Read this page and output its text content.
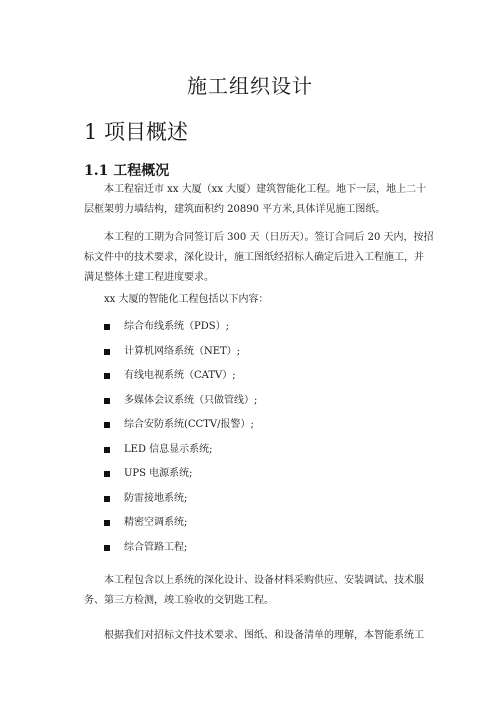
施工组织设计
1 项目概述
1.1 工程概况
本工程宿迁市 xx 大厦（xx 大厦）建筑智能化工程。地下一层，地上二十
层框架剪力墙结构，建筑面积约 20890 平方米,具体详见施工图纸。
本工程的工期为合同签订后 300 天（日历天）。签订合同后 20 天内，按招
标文件中的技术要求，深化设计，施工图纸经招标人确定后进入工程施工，并
满足整体土建工程进度要求。
xx 大厦的智能化工程包括以下内容：
综合布线系统（PDS）;
计算机网络系统（NET）;
有线电视系统（CATV）;
多媒体会议系统（只做管线）;
综合安防系统(CCTV/报警）;
LED 信息显示系统;
UPS 电源系统;
防雷接地系统;
精密空调系统;
综合管路工程;
本工程包含以上系统的深化设计、设备材料采购供应、安装调试、技术服
务、第三方检测，竣工验收的交钥匙工程。
根据我们对招标文件技术要求、图纸、和设备清单的理解，本智能系统工
